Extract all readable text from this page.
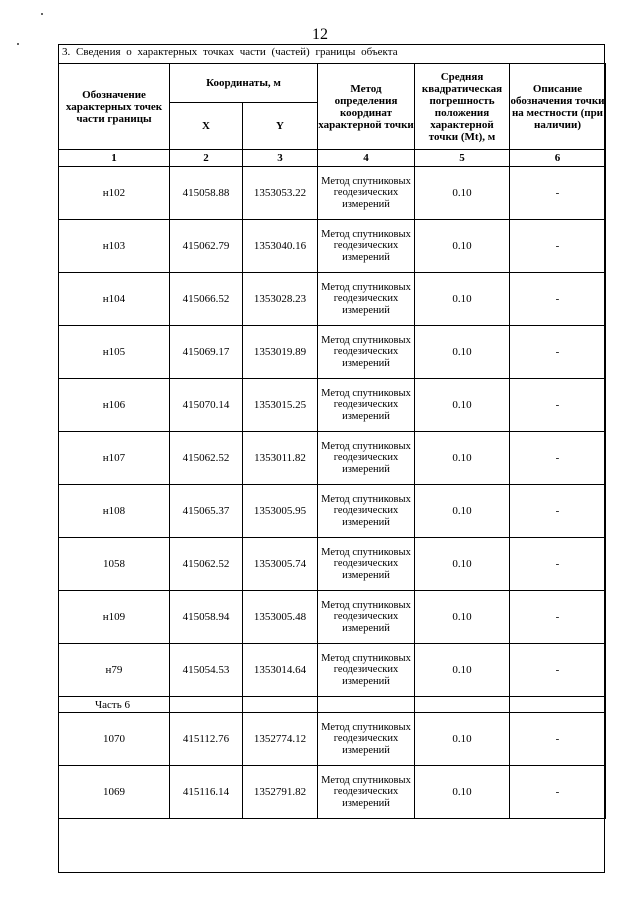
12
3. Сведения о характерных точках части (частей) границы объекта
Обозначение характерных точек части границы	Координаты, м		Метод определения координат характерной точки	Средняя квадратическая погрешность положения характерной точки (Mt), м	Описание обозначения точки на местности (при наличии)
	X	Y			
1	2	3	4	5	6
н102	415058.88	1353053.22	Метод спутниковых геодезических измерений	0.10	-
н103	415062.79	1353040.16	Метод спутниковых геодезических измерений	0.10	-
н104	415066.52	1353028.23	Метод спутниковых геодезических измерений	0.10	-
н105	415069.17	1353019.89	Метод спутниковых геодезических измерений	0.10	-
н106	415070.14	1353015.25	Метод спутниковых геодезических измерений	0.10	-
н107	415062.52	1353011.82	Метод спутниковых геодезических измерений	0.10	-
н108	415065.37	1353005.95	Метод спутниковых геодезических измерений	0.10	-
1058	415062.52	1353005.74	Метод спутниковых геодезических измерений	0.10	-
н109	415058.94	1353005.48	Метод спутниковых геодезических измерений	0.10	-
н79	415054.53	1353014.64	Метод спутниковых геодезических измерений	0.10	-
Часть 6					
1070	415112.76	1352774.12	Метод спутниковых геодезических измерений	0.10	-
1069	415116.14	1352791.82	Метод спутниковых геодезических измерений	0.10	-
